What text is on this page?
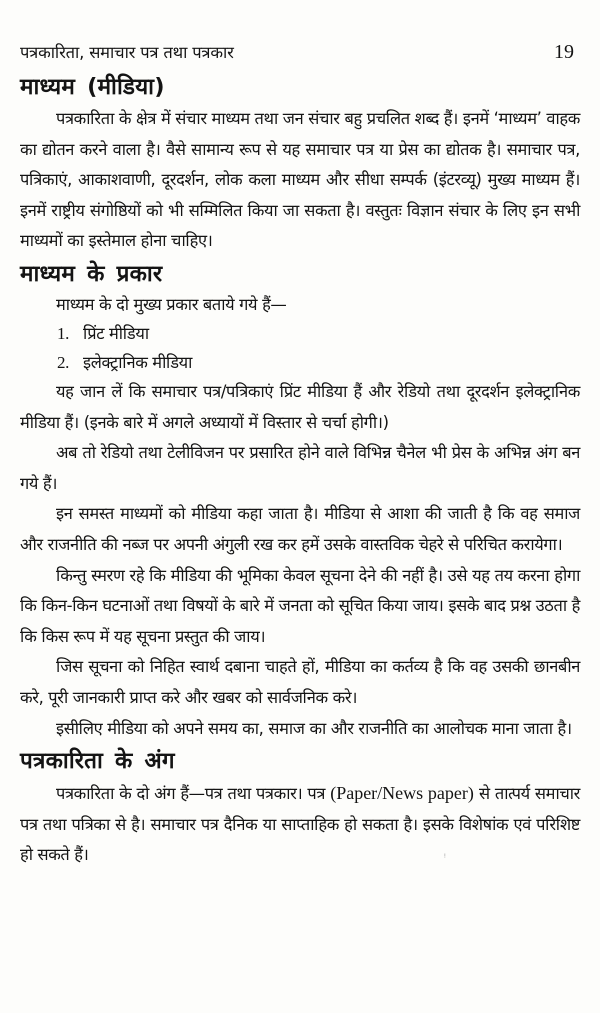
पत्रकारिता, समाचार पत्र तथा पत्रकार	19
माध्यम (मीडिया)

पत्रकारिता के क्षेत्र में संचार माध्यम तथा जन संचार बहु प्रचलित शब्द हैं। इनमें ‘माध्यम’ वाहक का द्योतन करने वाला है। वैसे सामान्य रूप से यह समाचार पत्र या प्रेस का द्योतक है। समाचार पत्र, पत्रिकाएं, आकाशवाणी, दूरदर्शन, लोक कला माध्यम और सीधा सम्पर्क (इंटरव्यू) मुख्य माध्यम हैं। इनमें राष्ट्रीय संगोष्ठियों को भी सम्मिलित किया जा सकता है। वस्तुतः विज्ञान संचार के लिए इन सभी माध्यमों का इस्तेमाल होना चाहिए।

माध्यम के प्रकार
माध्यम के दो मुख्य प्रकार बताये गये हैं—
1. प्रिंट मीडिया
2. इलेक्ट्रानिक मीडिया

यह जान लें कि समाचार पत्र/पत्रिकाएं प्रिंट मीडिया हैं और रेडियो तथा दूरदर्शन इलेक्ट्रानिक मीडिया हैं। (इनके बारे में अगले अध्यायों में विस्तार से चर्चा होगी।)

अब तो रेडियो तथा टेलीविजन पर प्रसारित होने वाले विभिन्न चैनेल भी प्रेस के अभिन्न अंग बन गये हैं।

इन समस्त माध्यमों को मीडिया कहा जाता है। मीडिया से आशा की जाती है कि वह समाज और राजनीति की नब्ज पर अपनी अंगुली रख कर हमें उसके वास्तविक चेहरे से परिचित करायेगा।

किन्तु स्मरण रहे कि मीडिया की भूमिका केवल सूचना देने की नहीं है। उसे यह तय करना होगा कि किन-किन घटनाओं तथा विषयों के बारे में जनता को सूचित किया जाय। इसके बाद प्रश्न उठता है कि किस रूप में यह सूचना प्रस्तुत की जाय।

जिस सूचना को निहित स्वार्थ दबाना चाहते हों, मीडिया का कर्तव्य है कि वह उसकी छानबीन करे, पूरी जानकारी प्राप्त करे और खबर को सार्वजनिक करे।

इसीलिए मीडिया को अपने समय का, समाज का और राजनीति का आलोचक माना जाता है।

पत्रकारिता के अंग

पत्रकारिता के दो अंग हैं—पत्र तथा पत्रकार। पत्र (Paper/News paper) से तात्पर्य समाचार पत्र तथा पत्रिका से है। समाचार पत्र दैनिक या साप्ताहिक हो सकता है। इसके विशेषांक एवं परिशिष्ट हो सकते हैं।	ᵎ
